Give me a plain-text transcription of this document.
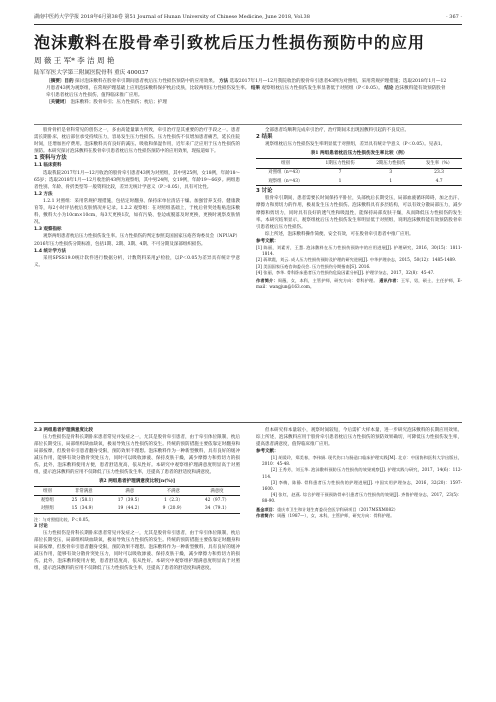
湖南中医药大学学报 2018年6月第38卷 第51 Journal of Hunan University of Chinese Medicine, June 2018, Vol.38	· 367 ·
泡沫敷料在股骨牵引致枕后压力性损伤预防中的应用
周 薇 王 军* 李 洁 周 艳
陆军军医大学第三附属医院骨科 重庆 400037
〔摘要〕目的 探讨泡沫敷料在股骨牵引期间患者枕后压力性损伤预防中的应用效果。 方法 选取2017年1月—12月我院收治的股骨牵引患者43例为对照组，采用常规护理措施；选取2018年1月—12月患者43例为观察组，在常规护理基础上应用泡沫敷料保护枕后皮肤，比较两组压力性损伤发生率。 结果 观察组枕后压力性损伤发生率显著低于对照组（P＜0.05）。 结论 泡沫敷料能有效预防股骨牵引患者枕后压力性损伤，值得临床推广应用。
〔关键词〕 泡沫敷料；股骨牵引；压力性损伤；枕后；护理

股骨骨折是骨科常见的创伤之一，多由高能量暴力所致，牵引治疗是其重要的治疗手段之一。患者需长期卧床，枕后部位承受持续压力，容易发生压力性损伤。压力性损伤不仅增加患者痛苦，延长住院时间，还增加医疗费用。泡沫敷料具有良好的减压、吸收和保湿作用，近年来广泛应用于压力性损伤的预防。本研究探讨泡沫敷料在股骨牵引患者枕后压力性损伤预防中的应用效果，现报道如下。

1 资料与方法

1.1 临床资料

选取我院2017年1月—12月收治的股骨牵引患者43例为对照组，其中男25例，女18例，年龄18～65岁；选取2018年1月—12月收治的43例为观察组，其中男24例，女19例，年龄19～66岁。两组患者性别、年龄、骨折类型等一般资料比较，差异无统计学意义（P＞0.05），具有可比性。

1.2 方法

1.2.1 对照组：采用常规护理措施，包括定时翻身、保持床单位清洁干燥、加强营养支持、健康教育等，每2小时评估枕后皮肤情况并记录。1.2.2 观察组：在对照组基础上，于枕后骨突处粘贴泡沫敷料，敷料大小为10cm×10cm，每3天更换1次，如有污染、卷边或脱落及时更换，更换时观察皮肤情况。

1.3 观察指标

观察两组患者枕后压力性损伤发生率。压力性损伤的判定参照美国国家压疮咨询委员会（NPUAP）2016年压力性损伤分期标准，包括1期、2期、3期、4期、不可分期及深部组织损伤。

1.4 统计学方法

采用SPSS19.0统计软件进行数据分析，计数资料采用χ²检验，以P＜0.05为差异具有统计学意义。

全部患者均顺利完成牵引治疗，治疗期间未出现因敷料引起的不良反应。

2 结果

观察组枕后压力性损伤发生率明显低于对照组，差异具有统计学意义（P＜0.05）。见表1。

表1 两组患者枕后压力性损伤发生率比较（例）
组别	1期压力性损伤	2期压力性损伤	发生率（%）
对照组（n=43）	7	3	23.3
观察组（n=43）	1	1	4.7

3 讨论

股骨牵引期间，患者需要长时间保持平卧位，头部枕后长期受压，局部血液循环障碍，加之出汗、摩擦力和剪切力的作用，极易发生压力性损伤。泡沫敷料具有多层结构，可以有效分散局部压力，减少摩擦和剪切力，同时具有良好的透气性和吸湿性，能保持局部皮肤干燥，从而降低压力性损伤的发生率。本研究结果显示，观察组枕后压力性损伤发生率明显低于对照组，说明泡沫敷料能有效预防股骨牵引患者枕后压力性损伤。

综上所述，泡沫敷料操作简便、安全有效，可在股骨牵引患者中推广应用。

参考文献：

[1] 陈丽，刘素芳，王慧. 泡沫敷料在压力性损伤预防中的应用进展[J]. 护理研究，2016，30(15)：1811-1814.

[2] 蒋琪霞，刘云. 成人压力性损伤预防及护理的研究进展[J]. 中华护理杂志，2015，50(12)：1485-1489.

[3] 美国国家压疮咨询委员会. 压力性损伤分期指南[S]. 2016.

[4] 张丽，李华. 骨科卧床患者压力性损伤危险因素分析[J]. 护理学杂志，2017，32(8)：45-47.

作者简介：周薇，女，本科，主管护师，研究方向：骨科护理。 通讯作者：王军，男，硕士，主任护师，E-mail：wangjun@163.com。

2.3 两组患者护理满意度比较

压力性损伤是骨科长期卧床患者常见并发症之一，尤其是股骨牵引患者，由于牵引体位限制，枕后部位长期受压，局部组织缺血缺氧，极易导致压力性损伤的发生。传统的预防措施主要依靠定时翻身和局部按摩，但股骨牵引患者翻身受限，预防效果不理想。泡沫敷料作为一种新型敷料，具有良好的缓冲减压作用，能够有效分散骨突处压力，同时可以吸收渗液、保持皮肤干燥，减少摩擦力和剪切力的损伤。此外，泡沫敷料使用方便，患者舒适度高，依从性好。本研究中观察组护理满意度明显高于对照组，提示泡沫敷料的应用不仅降低了压力性损伤发生率，还提高了患者的舒适度和满意度。

表2 两组患者护理满意度比较[n(%)]
组别	非常满意	满意	不满意	满意度
观察组	25（58.1）	17（39.5）	1（2.3）	42（97.7）
对照组	15（34.9）	19（44.2）	9（20.9）	34（79.1）
注：与对照组比较，P＜0.05。

3 讨论

压力性损伤是骨科长期卧床患者常见并发症之一，尤其是股骨牵引患者，由于牵引体位限制，枕后部位长期受压，局部组织缺血缺氧，极易导致压力性损伤的发生。传统的预防措施主要依靠定时翻身和局部按摩，但股骨牵引患者翻身受限，预防效果不理想。泡沫敷料作为一种新型敷料，具有良好的缓冲减压作用，能够有效分散骨突处压力，同时可以吸收渗液、保持皮肤干燥，减少摩擦力和剪切力的损伤。此外，泡沫敷料使用方便，患者舒适度高，依从性好。本研究中观察组护理满意度明显高于对照组，提示泡沫敷料的应用不仅降低了压力性损伤发生率，还提高了患者的舒适度和满意度。

但本研究样本量较小，观察时间较短，今后需扩大样本量，进一步研究泡沫敷料的长期应用效果。综上所述，泡沫敷料应用于股骨牵引患者枕后压力性损伤的预防效果确切，可降低压力性损伤发生率，提高患者满意度，值得临床推广应用。

参考文献：

[1] 胡爱玲，郑美春，李伟娟. 现代伤口与肠造口临床护理实践[M]. 北京：中国协和医科大学出版社，2010：45-48.

[2] 王秀芳，刘玉华. 泡沫敷料预防压力性损伤的效果观察[J]. 护理实践与研究，2017，14(6)：112-114.

[3] 李梅，陈静. 骨科患者压力性损伤的护理进展[J]. 中国实用护理杂志，2016，32(20)：1597-1600.

[4] 张红，赵燕. 综合护理干预预防骨牵引患者压力性损伤的效果[J]. 齐鲁护理杂志，2017，23(5)：88-90.

基金项目：重庆市卫生和计划生育委员会医学科研项目（2017MSXM082）
作者简介：周薇（1987—），女，本科，主管护师，研究方向：骨科护理。
